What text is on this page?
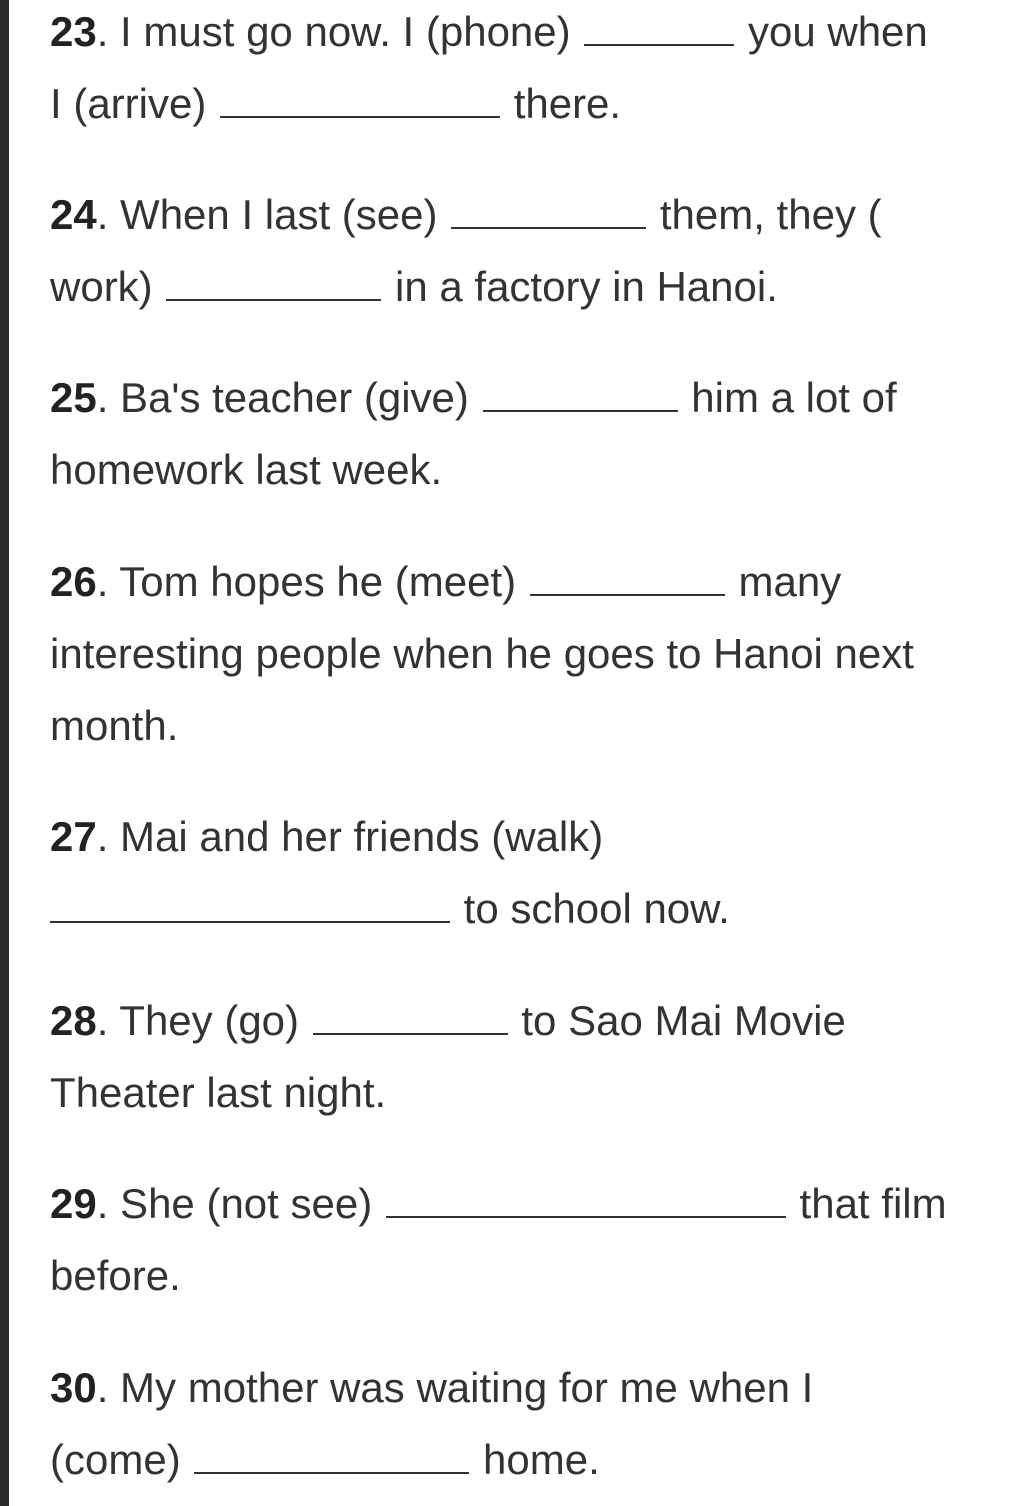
23. I must go now. I (phone)	you when
I (arrive)	there.
24. When I last (see)	them, they (
work)	in a factory in Hanoi.
25. Ba's teacher (give)	him a lot of
homework last week.
26. Tom hopes he (meet)	many
interesting people when he goes to Hanoi next
month.
27. Mai and her friends (walk)
to school now.
28. They (go)	to Sao Mai Movie
Theater last night.
29. She (not see)	that film
before.
30. My mother was waiting for me when I
(come)	home.
